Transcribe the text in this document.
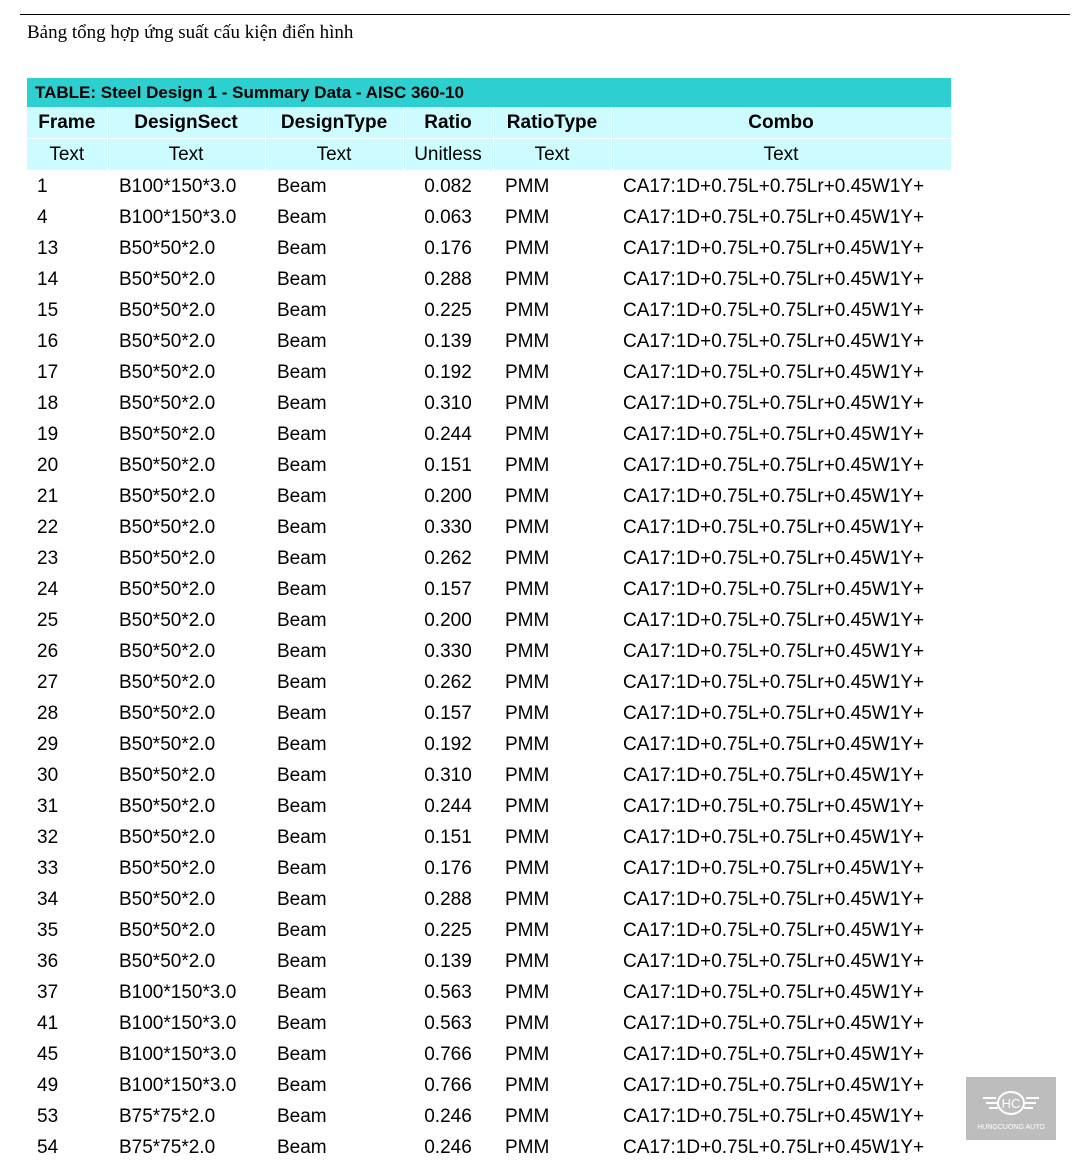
Bảng tổng hợp ứng suất cấu kiện điển hình
TABLE: Steel Design 1 - Summary Data - AISC 360-10					
Frame	DesignSect	DesignType	Ratio	RatioType	Combo
Text	Text	Text	Unitless	Text	Text
1	B100*150*3.0	Beam	0.082	PMM	CA17:1D+0.75L+0.75Lr+0.45W1Y+
4	B100*150*3.0	Beam	0.063	PMM	CA17:1D+0.75L+0.75Lr+0.45W1Y+
13	B50*50*2.0	Beam	0.176	PMM	CA17:1D+0.75L+0.75Lr+0.45W1Y+
14	B50*50*2.0	Beam	0.288	PMM	CA17:1D+0.75L+0.75Lr+0.45W1Y+
15	B50*50*2.0	Beam	0.225	PMM	CA17:1D+0.75L+0.75Lr+0.45W1Y+
16	B50*50*2.0	Beam	0.139	PMM	CA17:1D+0.75L+0.75Lr+0.45W1Y+
17	B50*50*2.0	Beam	0.192	PMM	CA17:1D+0.75L+0.75Lr+0.45W1Y+
18	B50*50*2.0	Beam	0.310	PMM	CA17:1D+0.75L+0.75Lr+0.45W1Y+
19	B50*50*2.0	Beam	0.244	PMM	CA17:1D+0.75L+0.75Lr+0.45W1Y+
20	B50*50*2.0	Beam	0.151	PMM	CA17:1D+0.75L+0.75Lr+0.45W1Y+
21	B50*50*2.0	Beam	0.200	PMM	CA17:1D+0.75L+0.75Lr+0.45W1Y+
22	B50*50*2.0	Beam	0.330	PMM	CA17:1D+0.75L+0.75Lr+0.45W1Y+
23	B50*50*2.0	Beam	0.262	PMM	CA17:1D+0.75L+0.75Lr+0.45W1Y+
24	B50*50*2.0	Beam	0.157	PMM	CA17:1D+0.75L+0.75Lr+0.45W1Y+
25	B50*50*2.0	Beam	0.200	PMM	CA17:1D+0.75L+0.75Lr+0.45W1Y+
26	B50*50*2.0	Beam	0.330	PMM	CA17:1D+0.75L+0.75Lr+0.45W1Y+
27	B50*50*2.0	Beam	0.262	PMM	CA17:1D+0.75L+0.75Lr+0.45W1Y+
28	B50*50*2.0	Beam	0.157	PMM	CA17:1D+0.75L+0.75Lr+0.45W1Y+
29	B50*50*2.0	Beam	0.192	PMM	CA17:1D+0.75L+0.75Lr+0.45W1Y+
30	B50*50*2.0	Beam	0.310	PMM	CA17:1D+0.75L+0.75Lr+0.45W1Y+
31	B50*50*2.0	Beam	0.244	PMM	CA17:1D+0.75L+0.75Lr+0.45W1Y+
32	B50*50*2.0	Beam	0.151	PMM	CA17:1D+0.75L+0.75Lr+0.45W1Y+
33	B50*50*2.0	Beam	0.176	PMM	CA17:1D+0.75L+0.75Lr+0.45W1Y+
34	B50*50*2.0	Beam	0.288	PMM	CA17:1D+0.75L+0.75Lr+0.45W1Y+
35	B50*50*2.0	Beam	0.225	PMM	CA17:1D+0.75L+0.75Lr+0.45W1Y+
36	B50*50*2.0	Beam	0.139	PMM	CA17:1D+0.75L+0.75Lr+0.45W1Y+
37	B100*150*3.0	Beam	0.563	PMM	CA17:1D+0.75L+0.75Lr+0.45W1Y+
41	B100*150*3.0	Beam	0.563	PMM	CA17:1D+0.75L+0.75Lr+0.45W1Y+
45	B100*150*3.0	Beam	0.766	PMM	CA17:1D+0.75L+0.75Lr+0.45W1Y+
49	B100*150*3.0	Beam	0.766	PMM	CA17:1D+0.75L+0.75Lr+0.45W1Y+
53	B75*75*2.0	Beam	0.246	PMM	CA17:1D+0.75L+0.75Lr+0.45W1Y+
54	B75*75*2.0	Beam	0.246	PMM	CA17:1D+0.75L+0.75Lr+0.45W1Y+
HC
HUNGCUONG AUTO
